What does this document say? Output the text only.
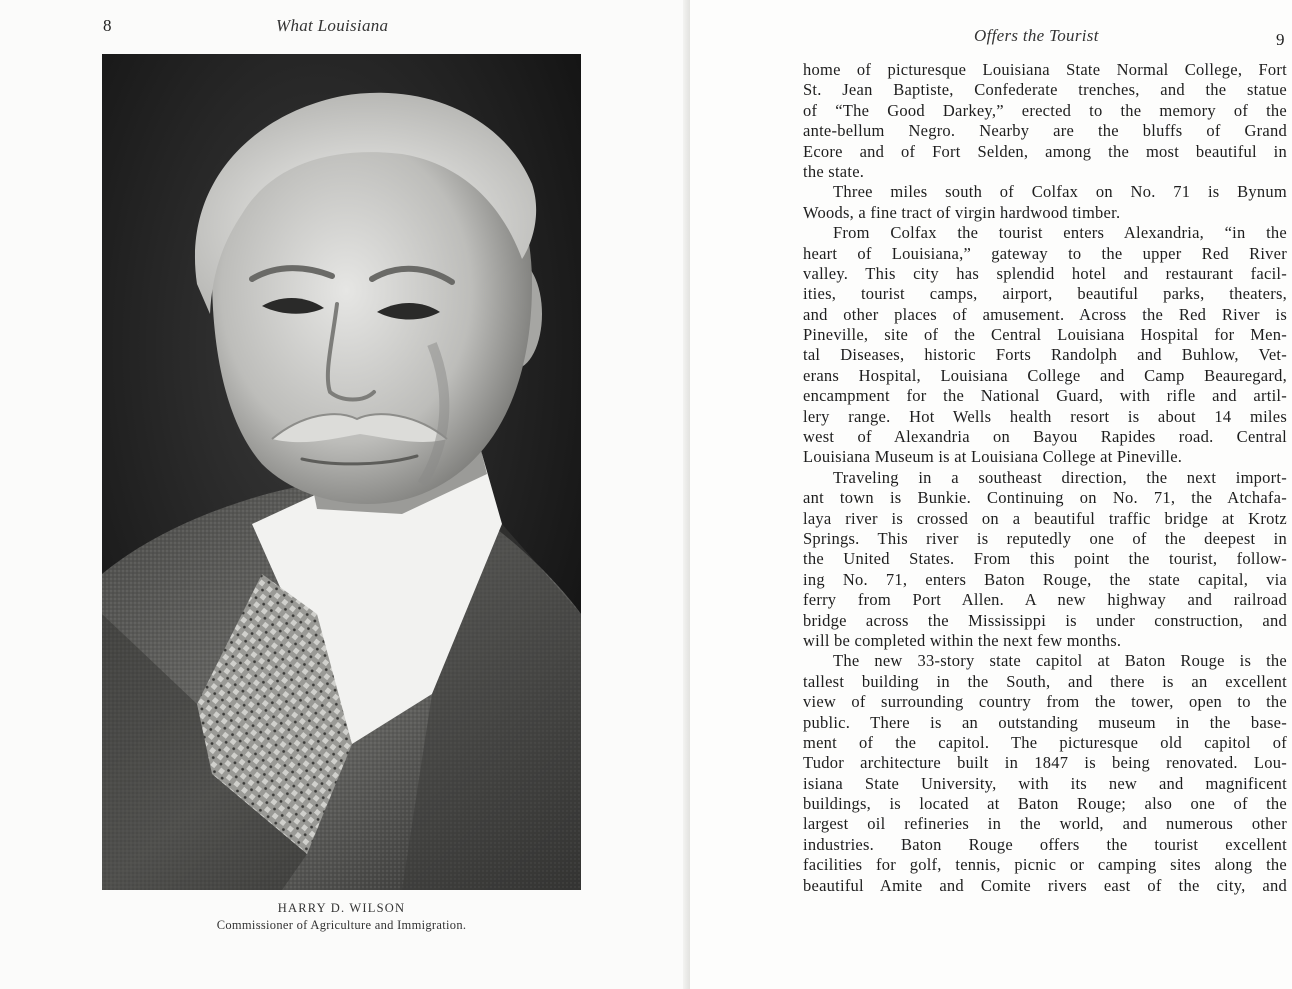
8	What Louisiana
HARRY D. WILSON
Commissioner of Agriculture and Immigration.
Offers the Tourist	9
home of picturesque Louisiana State Normal College, Fort
St. Jean Baptiste, Confederate trenches, and the statue
of “The Good Darkey,” erected to the memory of the
ante-bellum Negro. Nearby are the bluffs of Grand
Ecore and of Fort Selden, among the most beautiful in
the state.
Three miles south of Colfax on No. 71 is Bynum
Woods, a fine tract of virgin hardwood timber.
From Colfax the tourist enters Alexandria, “in the
heart of Louisiana,” gateway to the upper Red River
valley. This city has splendid hotel and restaurant facil-
ities, tourist camps, airport, beautiful parks, theaters,
and other places of amusement. Across the Red River is
Pineville, site of the Central Louisiana Hospital for Men-
tal Diseases, historic Forts Randolph and Buhlow, Vet-
erans Hospital, Louisiana College and Camp Beauregard,
encampment for the National Guard, with rifle and artil-
lery range. Hot Wells health resort is about 14 miles
west of Alexandria on Bayou Rapides road. Central
Louisiana Museum is at Louisiana College at Pineville.
Traveling in a southeast direction, the next import-
ant town is Bunkie. Continuing on No. 71, the Atchafa-
laya river is crossed on a beautiful traffic bridge at Krotz
Springs. This river is reputedly one of the deepest in
the United States. From this point the tourist, follow-
ing No. 71, enters Baton Rouge, the state capital, via
ferry from Port Allen. A new highway and railroad
bridge across the Mississippi is under construction, and
will be completed within the next few months.
The new 33-story state capitol at Baton Rouge is the
tallest building in the South, and there is an excellent
view of surrounding country from the tower, open to the
public. There is an outstanding museum in the base-
ment of the capitol. The picturesque old capitol of
Tudor architecture built in 1847 is being renovated. Lou-
isiana State University, with its new and magnificent
buildings, is located at Baton Rouge; also one of the
largest oil refineries in the world, and numerous other
industries. Baton Rouge offers the tourist excellent
facilities for golf, tennis, picnic or camping sites along the
beautiful Amite and Comite rivers east of the city, and
